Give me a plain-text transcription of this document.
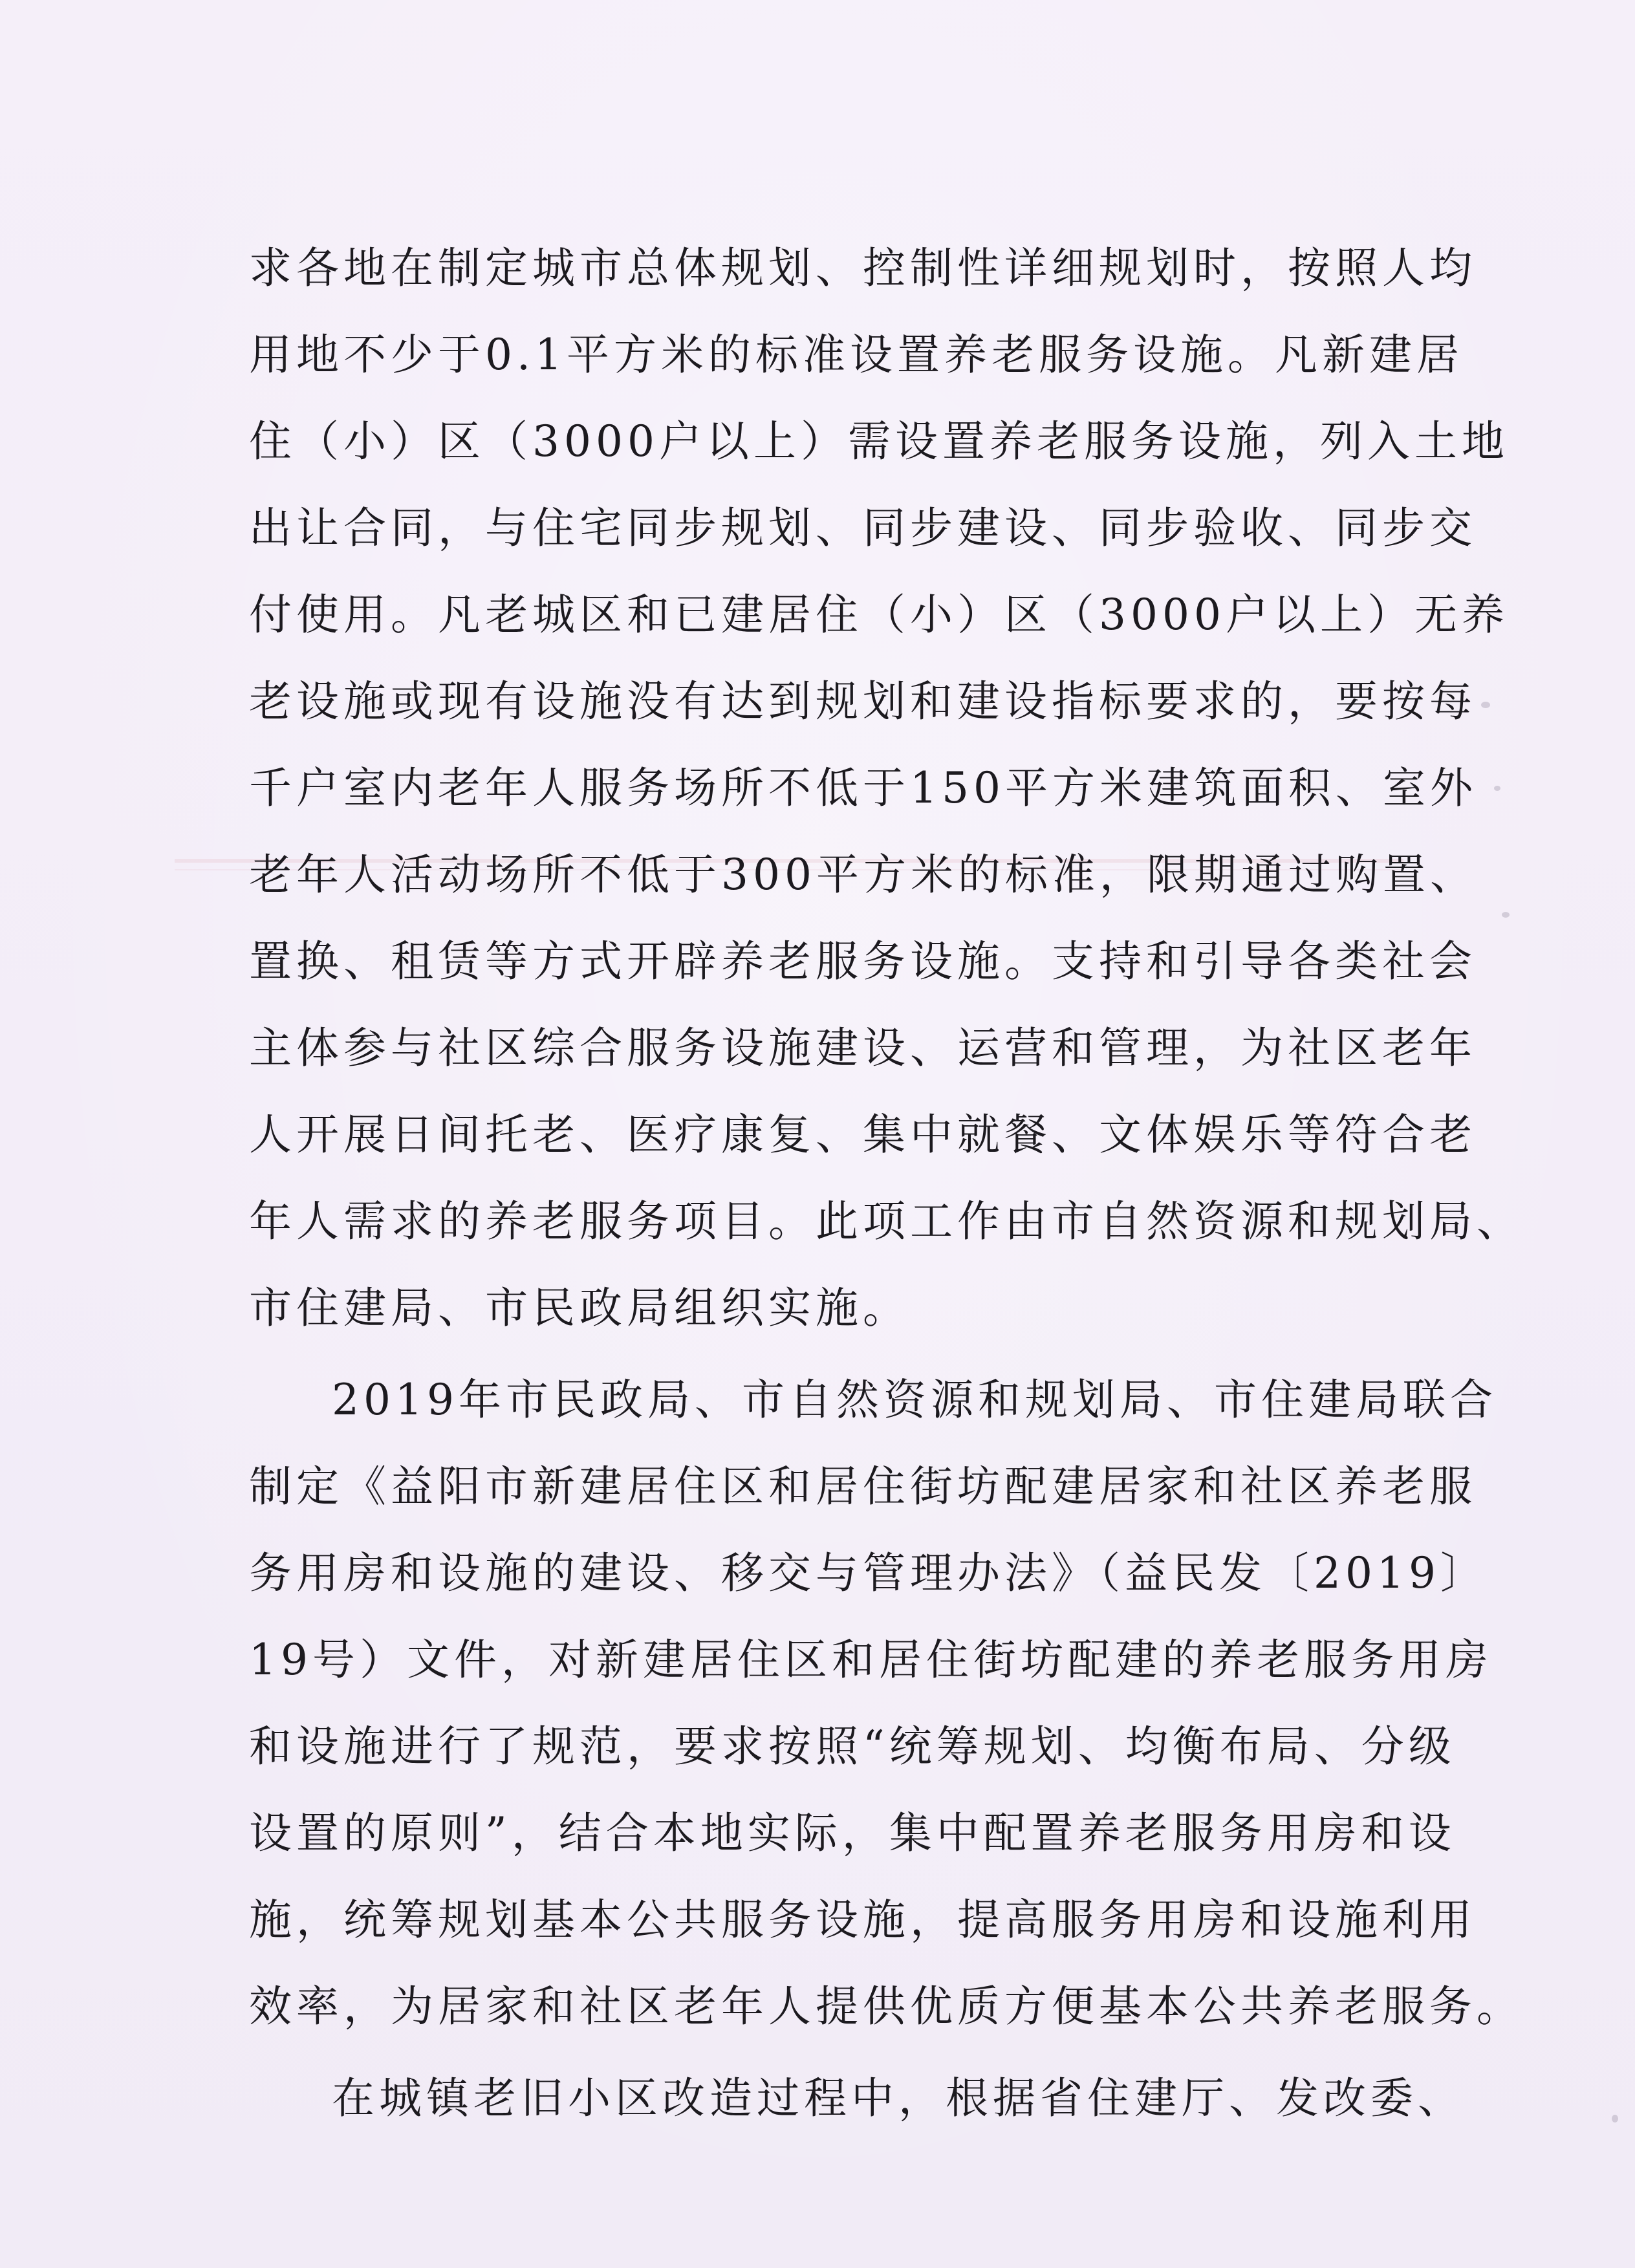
求各地在制定城市总体规划、控制性详细规划时，按照人均
用地不少于0.1平方米的标准设置养老服务设施。凡新建居
住（小）区（3000户以上）需设置养老服务设施，列入土地
出让合同，与住宅同步规划、同步建设、同步验收、同步交
付使用。凡老城区和已建居住（小）区（3000户以上）无养
老设施或现有设施没有达到规划和建设指标要求的，要按每
千户室内老年人服务场所不低于150平方米建筑面积、室外
老年人活动场所不低于300平方米的标准，限期通过购置、
置换、租赁等方式开辟养老服务设施。支持和引导各类社会
主体参与社区综合服务设施建设、运营和管理，为社区老年
人开展日间托老、医疗康复、集中就餐、文体娱乐等符合老
年人需求的养老服务项目。此项工作由市自然资源和规划局、
市住建局、市民政局组织实施。
2019年市民政局、市自然资源和规划局、市住建局联合
制定《益阳市新建居住区和居住街坊配建居家和社区养老服
务用房和设施的建设、移交与管理办法》（益民发〔2019〕
19号）文件，对新建居住区和居住街坊配建的养老服务用房
和设施进行了规范，要求按照“统筹规划、均衡布局、分级
设置的原则”，结合本地实际，集中配置养老服务用房和设
施，统筹规划基本公共服务设施，提高服务用房和设施利用
效率，为居家和社区老年人提供优质方便基本公共养老服务。
在城镇老旧小区改造过程中，根据省住建厅、发改委、
